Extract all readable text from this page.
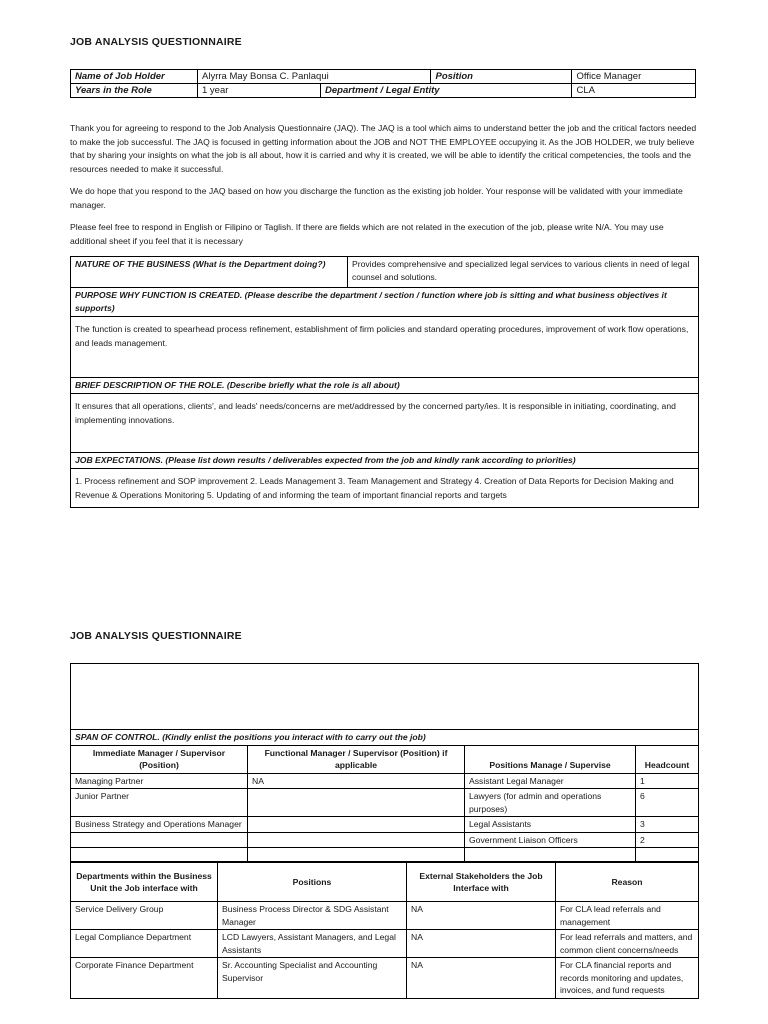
JOB ANALYSIS QUESTIONNAIRE
Name of Job Holder	Alyrra May Bonsa C. Panlaqui		Position	Office Manager
Years in the Role	1 year	Department / Legal Entity		CLA
Thank you for agreeing to respond to the Job Analysis Questionnaire (JAQ). The JAQ is a tool which aims to understand better the job and the critical factors needed to make the job successful. The JAQ is focused in getting information about the JOB and NOT THE EMPLOYEE occupying it. As the JOB HOLDER, we truly believe that by sharing your insights on what the job is all about, how it is carried and why it is created, we will be able to identify the critical competencies, the tools and the resources needed to make it successful.
We do hope that you respond to the JAQ based on how you discharge the function as the existing job holder. Your response will be validated with your immediate manager.
Please feel free to respond in English or Filipino or Taglish. If there are fields which are not related in the execution of the job, please write N/A. You may use additional sheet if you feel that it is necessary
NATURE OF THE BUSINESS (What is the Department doing?)	Provides comprehensive and specialized legal services to various clients in need of legal counsel and solutions.
PURPOSE WHY FUNCTION IS CREATED. (Please describe the department / section / function where job is sitting and what business objectives it supports)
The function is created to spearhead process refinement, establishment of firm policies and standard operating procedures, improvement of work flow operations, and leads management.
BRIEF DESCRIPTION OF THE ROLE. (Describe briefly what the role is all about)
It ensures that all operations, clients', and leads' needs/concerns are met/addressed by the concerned party/ies. It is responsible in initiating, coordinating, and implementing innovations.
JOB EXPECTATIONS. (Please list down results / deliverables expected from the job and kindly rank according to priorities)
1. Process refinement and SOP improvement 2. Leads Management 3. Team Management and Strategy 4. Creation of Data Reports for Decision Making and Revenue & Operations Monitoring 5. Updating of and informing the team of important financial reports and targets
JOB ANALYSIS QUESTIONNAIRE

SPAN OF CONTROL. (Kindly enlist the positions you interact with to carry out the job)			
Immediate Manager / Supervisor (Position)	Functional Manager / Supervisor (Position) if applicable	Positions Manage / Supervise	Headcount
Managing Partner	NA	Assistant Legal Manager	1
Junior Partner		Lawyers (for admin and operations purposes)	6
Business Strategy and Operations Manager		Legal Assistants	3
		Government Liaison Officers	2

Departments within the Business Unit the Job interface with	Positions	External Stakeholders the Job Interface with	Reason
Service Delivery Group	Business Process Director & SDG Assistant Manager	NA	For CLA lead referrals and management
Legal Compliance Department	LCD Lawyers, Assistant Managers, and Legal Assistants	NA	For lead referrals and matters, and common client concerns/needs
Corporate Finance Department	Sr. Accounting Specialist and Accounting Supervisor	NA	For CLA financial reports and records monitoring and updates, invoices, and fund requests
